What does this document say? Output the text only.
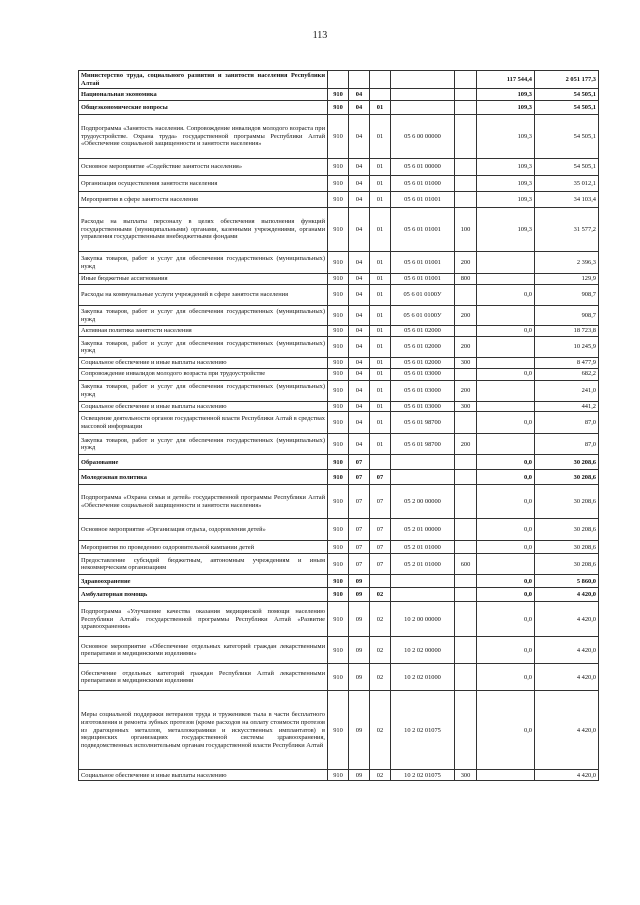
113
Министерство труда, социального развития и занятости населения Республики Алтай						117 544,4	2 051 177,3
Национальная экономика	910	04				109,3	54 505,1
Общеэкономические вопросы	910	04	01			109,3	54 505,1
Подпрограмма «Занятость населения. Сопровождение инвалидов молодого возраста при трудоустройстве. Охрана труда» государственной программы Республики Алтай «Обеспечение социальной защищенности и занятости населения»	910	04	01	05 6 00 00000		109,3	54 505,1
Основное мероприятие «Содействие занятости населения»	910	04	01	05 6 01 00000		109,3	54 505,1
Организация осуществления занятости населения	910	04	01	05 6 01 01000		109,3	35 012,1
Мероприятия в сфере занятости населения	910	04	01	05 6 01 01001		109,3	34 103,4
Расходы на выплаты персоналу в целях обеспечения выполнения функций государственными (муниципальными) органами, казенными учреждениями, органами управления государственными внебюджетными фондами	910	04	01	05 6 01 01001	100	109,3	31 577,2
Закупка товаров, работ и услуг для обеспечения государственных (муниципальных) нужд	910	04	01	05 6 01 01001	200		2 396,3
Иные бюджетные ассигнования	910	04	01	05 6 01 01001	800		129,9
Расходы на коммунальные услуги учреждений в сфере занятости населения	910	04	01	05 6 01 0100У		0,0	908,7
Закупка товаров, работ и услуг для обеспечения государственных (муниципальных) нужд	910	04	01	05 6 01 0100У	200		908,7
Активная политика занятости населения	910	04	01	05 6 01 02000		0,0	18 723,8
Закупка товаров, работ и услуг для обеспечения государственных (муниципальных) нужд	910	04	01	05 6 01 02000	200		10 245,9
Социальное обеспечение и иные выплаты населению	910	04	01	05 6 01 02000	300		8 477,9
Сопровождение инвалидов молодого возраста при трудоустройстве	910	04	01	05 6 01 03000		0,0	682,2
Закупка товаров, работ и услуг для обеспечения государственных (муниципальных) нужд	910	04	01	05 6 01 03000	200		241,0
Социальное обеспечение и иные выплаты населению	910	04	01	05 6 01 03000	300		441,2
Освещение деятельности органов государственной власти Республики Алтай в средствах массовой информации	910	04	01	05 6 01 98700		0,0	87,0
Закупка товаров, работ и услуг для обеспечения государственных (муниципальных) нужд	910	04	01	05 6 01 98700	200		87,0
Образование	910	07				0,0	30 208,6
Молодежная политика	910	07	07			0,0	30 208,6
Подпрограмма «Охрана семьи и детей» государственной программы Республики Алтай «Обеспечение социальной защищенности и занятости населения»	910	07	07	05 2 00 00000		0,0	30 208,6
Основное мероприятие «Организация отдыха, оздоровления детей»	910	07	07	05 2 01 00000		0,0	30 208,6
Мероприятия по проведению оздоровительной кампании детей	910	07	07	05 2 01 01000		0,0	30 208,6
Предоставление субсидий бюджетным, автономным учреждениям и иным некоммерческим организациям	910	07	07	05 2 01 01000	600		30 208,6
Здравоохранение	910	09				0,0	5 860,0
Амбулаторная помощь	910	09	02			0,0	4 420,0
Подпрограмма «Улучшение качества оказания медицинской помощи населению Республики Алтай» государственной программы Республики Алтай «Развитие здравоохранения»	910	09	02	10 2 00 00000		0,0	4 420,0
Основное мероприятие «Обеспечение отдельных категорий граждан лекарственными препаратами и медицинскими изделиями»	910	09	02	10 2 02 00000		0,0	4 420,0
Обеспечение отдельных категорий граждан Республики Алтай лекарственными препаратами и медицинскими изделиями	910	09	02	10 2 02 01000		0,0	4 420,0
Меры социальной поддержки ветеранов труда и тружеников тыла в части бесплатного изготовления и ремонта зубных протезов (кроме расходов на оплату стоимости протезов из драгоценных металлов, металлокерамики и искусственных имплантатов) в медицинских организациях государственной системы здравоохранения, подведомственных исполнительным органам государственной власти Республики Алтай	910	09	02	10 2 02 01075		0,0	4 420,0
Социальное обеспечение и иные выплаты населению	910	09	02	10 2 02 01075	300		4 420,0
